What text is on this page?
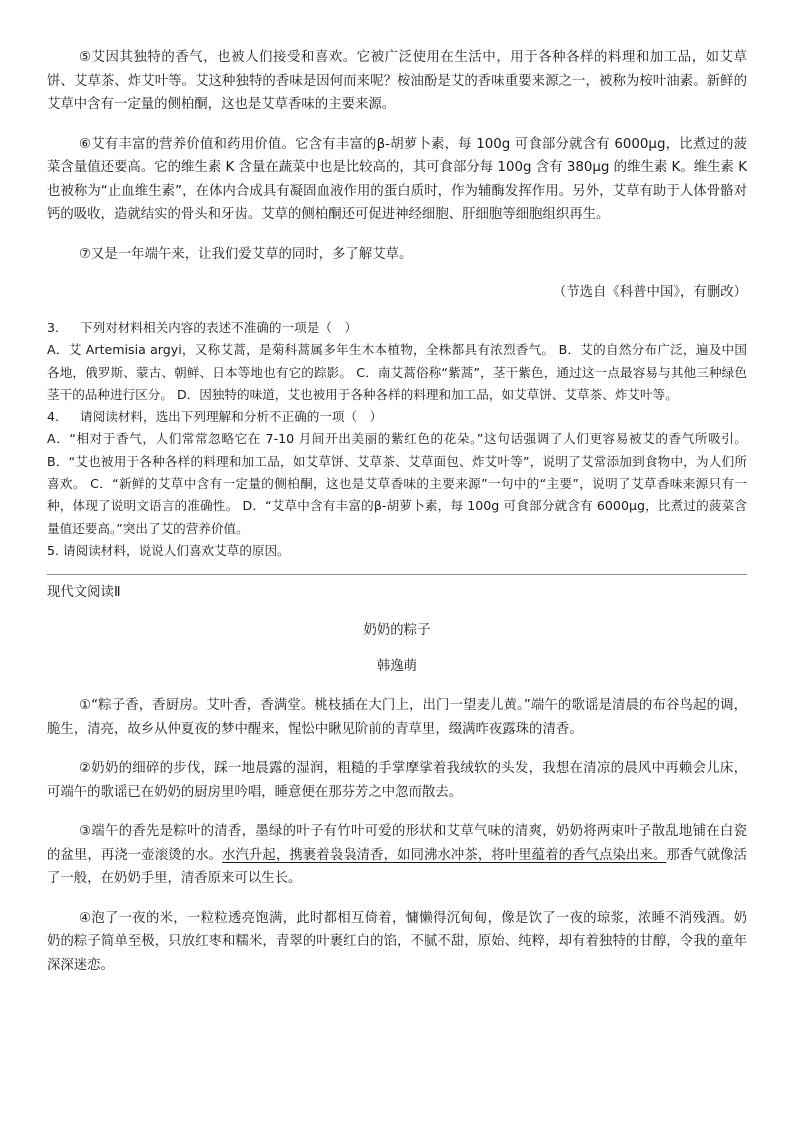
⑤艾因其独特的香气，也被人们接受和喜欢。它被广泛使用在生活中，用于各种各样的料理和加工品，如艾草饼、艾草茶、炸艾叶等。艾这种独特的香味是因何而来呢？桉油酚是艾的香味重要来源之一，被称为桉叶油素。新鲜的艾草中含有一定量的侧柏酮，这也是艾草香味的主要来源。

⑥艾有丰富的营养价值和药用价值。它含有丰富的β-胡萝卜素，每 100g 可食部分就含有 6000μg，比煮过的菠菜含量值还要高。它的维生素 K 含量在蔬菜中也是比较高的，其可食部分每 100g 含有 380μg 的维生素 K。维生素 K 也被称为“止血维生素”，在体内合成具有凝固血液作用的蛋白质时，作为辅酶发挥作用。另外，艾草有助于人体骨骼对钙的吸收，造就结实的骨头和牙齿。艾草的侧柏酮还可促进神经细胞、肝细胞等细胞组织再生。

⑦又是一年端午来，让我们爱艾草的同时，多了解艾草。

（节选自《科普中国》，有删改）

3. 下列对材料相关内容的表述不准确的一项是（　）

A．艾 Artemisia argyi，又称艾蒿，是菊科蒿属多年生木本植物，全株都具有浓烈香气。 B．艾的自然分布广泛，遍及中国各地，俄罗斯、蒙古、朝鲜、日本等地也有它的踪影。 C．南艾蒿俗称“紫蒿”，茎干紫色，通过这一点最容易与其他三种绿色茎干的品种进行区分。 D．因独特的味道，艾也被用于各种各样的料理和加工品，如艾草饼、艾草茶、炸艾叶等。

4. 请阅读材料，选出下列理解和分析不正确的一项（　）

A．“相对于香气，人们常常忽略它在 7-10 月间开出美丽的紫红色的花朵。”这句话强调了人们更容易被艾的香气所吸引。 B．“艾也被用于各种各样的料理和加工品，如艾草饼、艾草茶、艾草面包、炸艾叶等”，说明了艾常添加到食物中，为人们所喜欢。 C．“新鲜的艾草中含有一定量的侧柏酮，这也是艾草香味的主要来源”一句中的“主要”，说明了艾草香味来源只有一种，体现了说明文语言的准确性。 D．“艾草中含有丰富的β-胡萝卜素，每 100g 可食部分就含有 6000μg，比煮过的菠菜含量值还要高。”突出了艾的营养价值。

5. 请阅读材料，说说人们喜欢艾草的原因。

现代文阅读Ⅱ

奶奶的粽子

韩逸萌

①“粽子香，香厨房。艾叶香，香满堂。桃枝插在大门上，出门一望麦儿黄。”端午的歌谣是清晨的布谷鸟起的调，脆生，清亮，故乡从仲夏夜的梦中醒来，惺忪中瞅见阶前的青草里，缀满昨夜露珠的清香。

②奶奶的细碎的步伐，踩一地晨露的湿润，粗糙的手掌摩挲着我绒软的头发，我想在清凉的晨风中再赖会儿床，可端午的歌谣已在奶奶的厨房里吟唱，睡意便在那芬芳之中忽而散去。

③端午的香先是粽叶的清香，墨绿的叶子有竹叶可爱的形状和艾草气味的清爽，奶奶将两束叶子散乱地铺在白瓷的盆里，再浇一壶滚烫的水。水汽升起，携裹着袅袅清香，如同沸水冲茶，将叶里蕴着的香气点染出来。那香气就像活了一般，在奶奶手里，清香原来可以生长。

④泡了一夜的米，一粒粒透亮饱满，此时都相互倚着，慵懒得沉甸甸，像是饮了一夜的琼浆，浓睡不消残酒。奶奶的粽子简单至极，只放红枣和糯米，青翠的叶裹红白的馅，不腻不甜，原始、纯粹，却有着独特的甘醇，令我的童年深深迷恋。
